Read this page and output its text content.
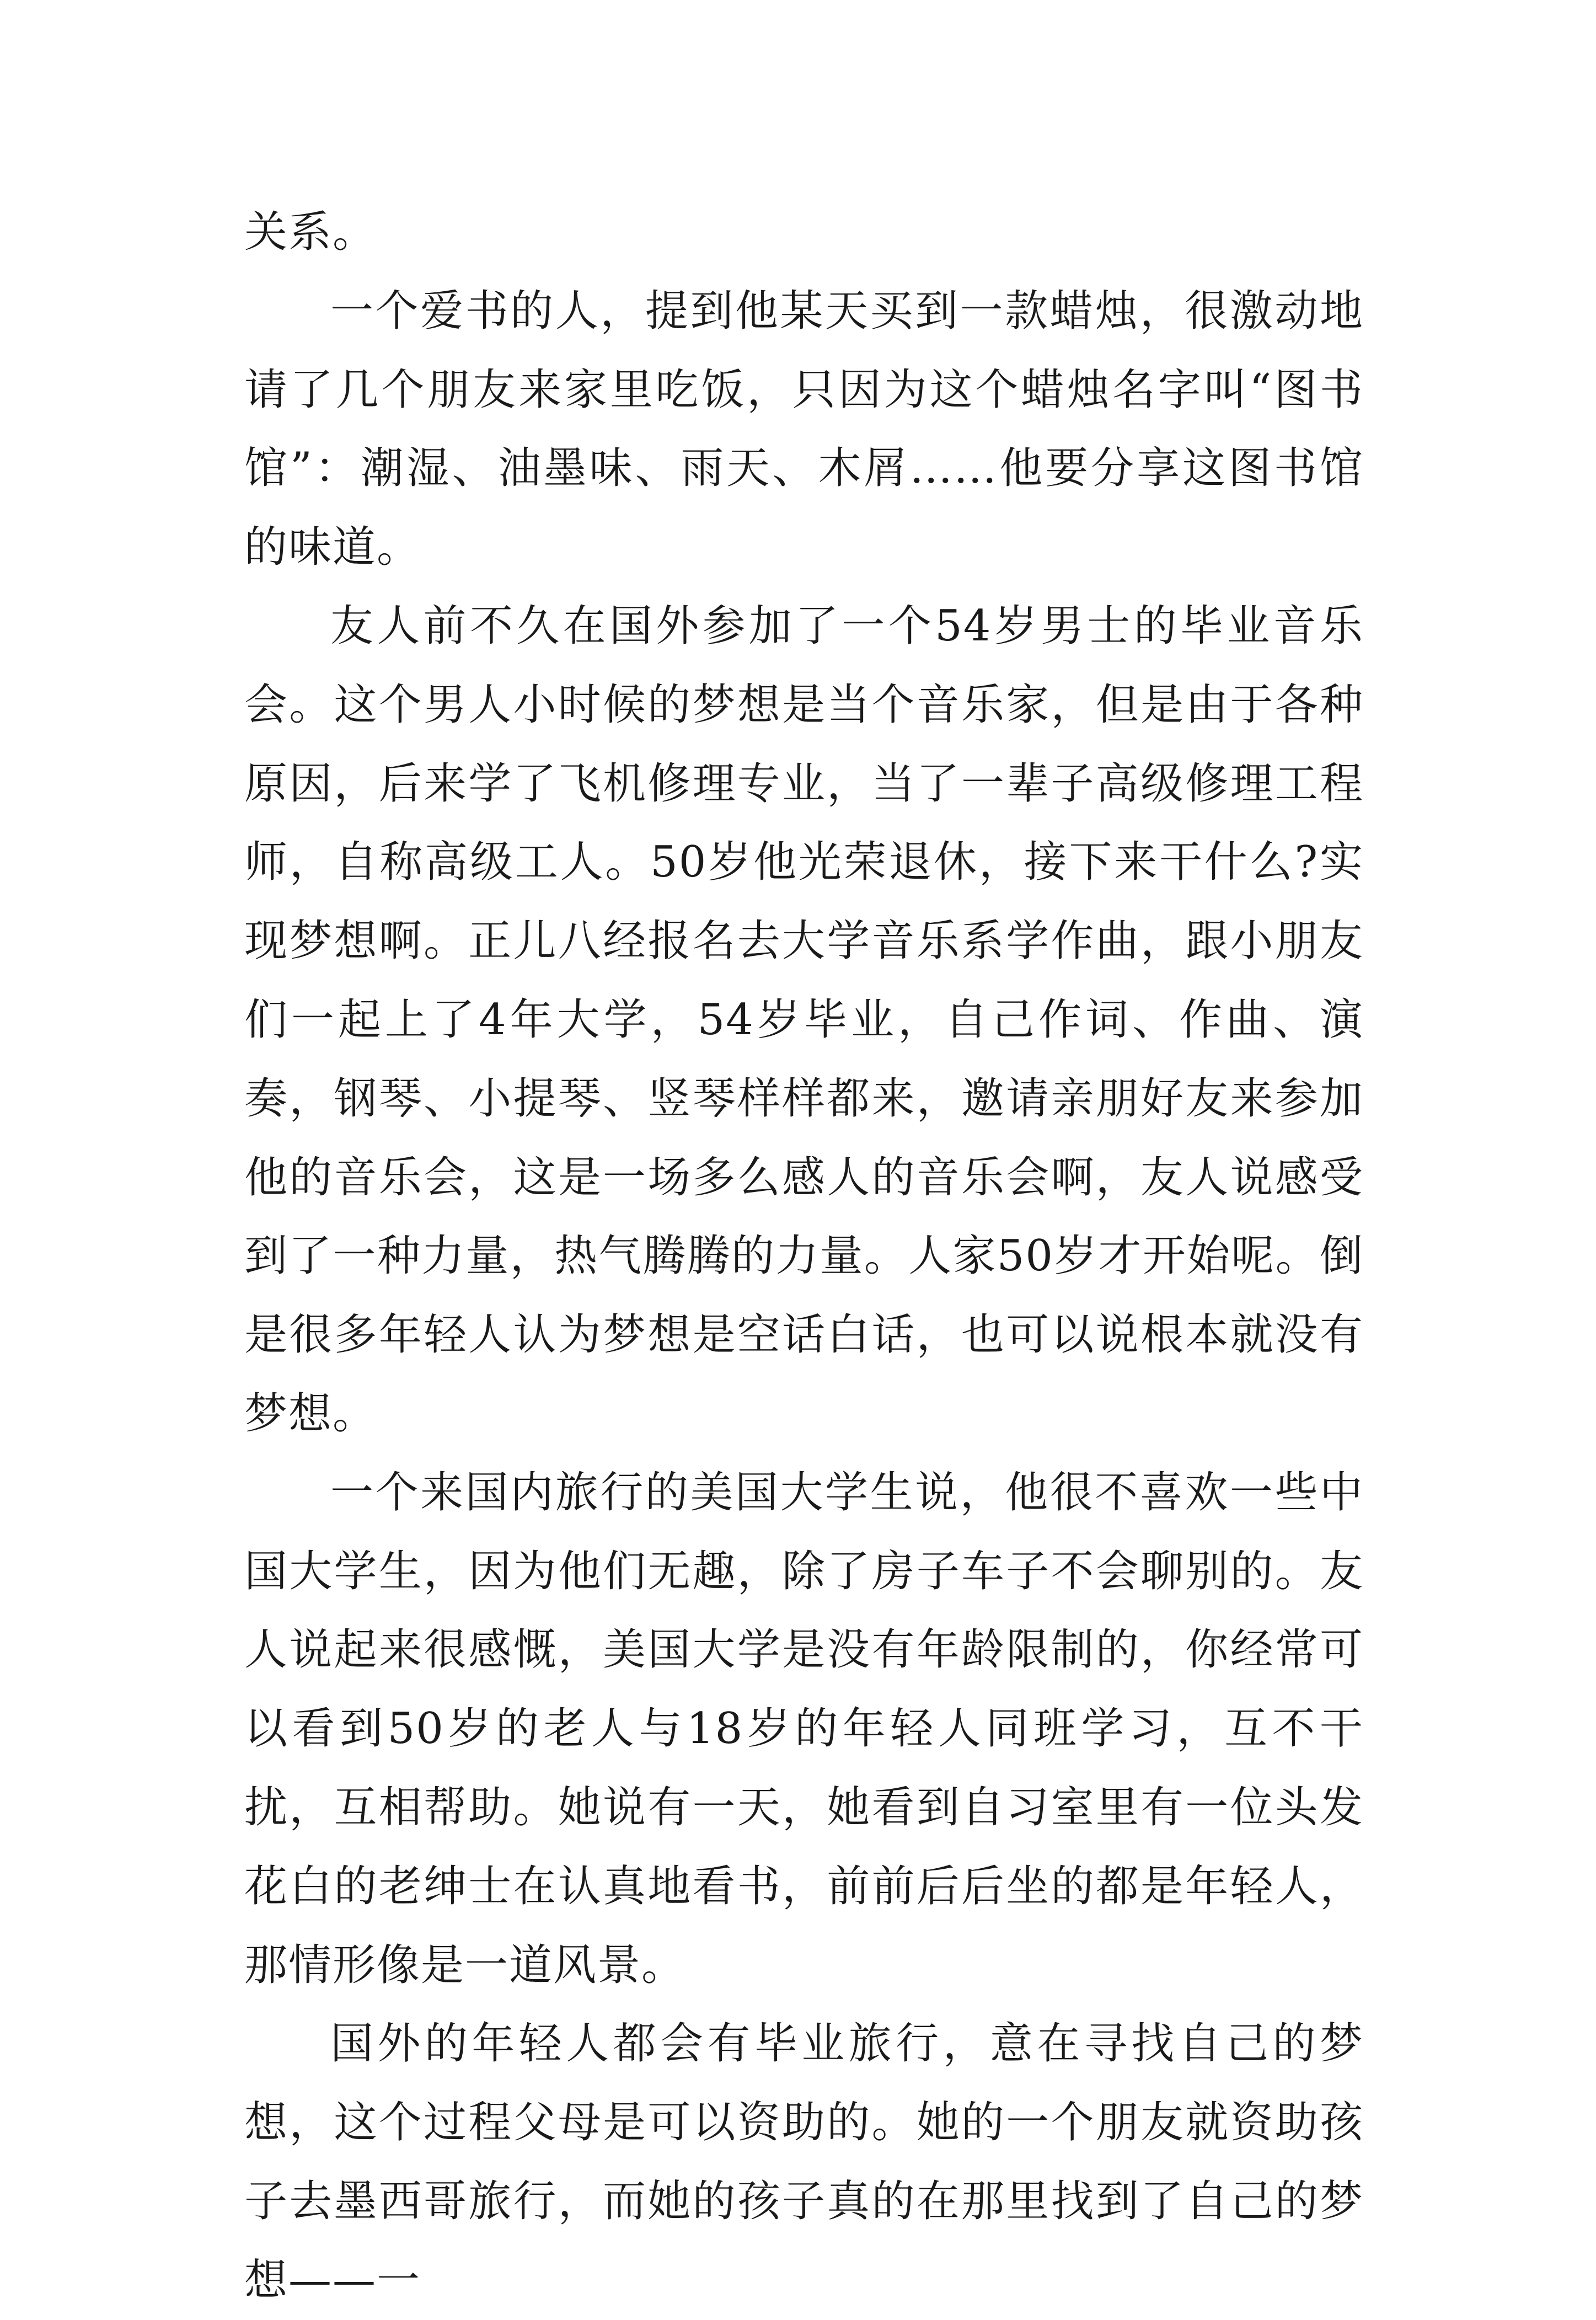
关系。

一个爱书的人，提到他某天买到一款蜡烛，很激动地请了几个朋友来家里吃饭，只因为这个蜡烛名字叫“图书馆”：潮湿、油墨味、雨天、木屑……他要分享这图书馆的味道。

友人前不久在国外参加了一个54岁男士的毕业音乐会。这个男人小时候的梦想是当个音乐家，但是由于各种原因，后来学了飞机修理专业，当了一辈子高级修理工程师，自称高级工人。50岁他光荣退休，接下来干什么?实现梦想啊。正儿八经报名去大学音乐系学作曲，跟小朋友们一起上了4年大学，54岁毕业，自己作词、作曲、演奏，钢琴、小提琴、竖琴样样都来，邀请亲朋好友来参加他的音乐会，这是一场多么感人的音乐会啊，友人说感受到了一种力量，热气腾腾的力量。人家50岁才开始呢。倒是很多年轻人认为梦想是空话白话，也可以说根本就没有梦想。

一个来国内旅行的美国大学生说，他很不喜欢一些中国大学生，因为他们无趣，除了房子车子不会聊别的。友人说起来很感慨，美国大学是没有年龄限制的，你经常可以看到50岁的老人与18岁的年轻人同班学习，互不干扰，互相帮助。她说有一天，她看到自习室里有一位头发花白的老绅士在认真地看书，前前后后坐的都是年轻人，那情形像是一道风景。

国外的年轻人都会有毕业旅行，意在寻找自己的梦想，这个过程父母是可以资助的。她的一个朋友就资助孩子去墨西哥旅行，而她的孩子真的在那里找到了自己的梦想——一
